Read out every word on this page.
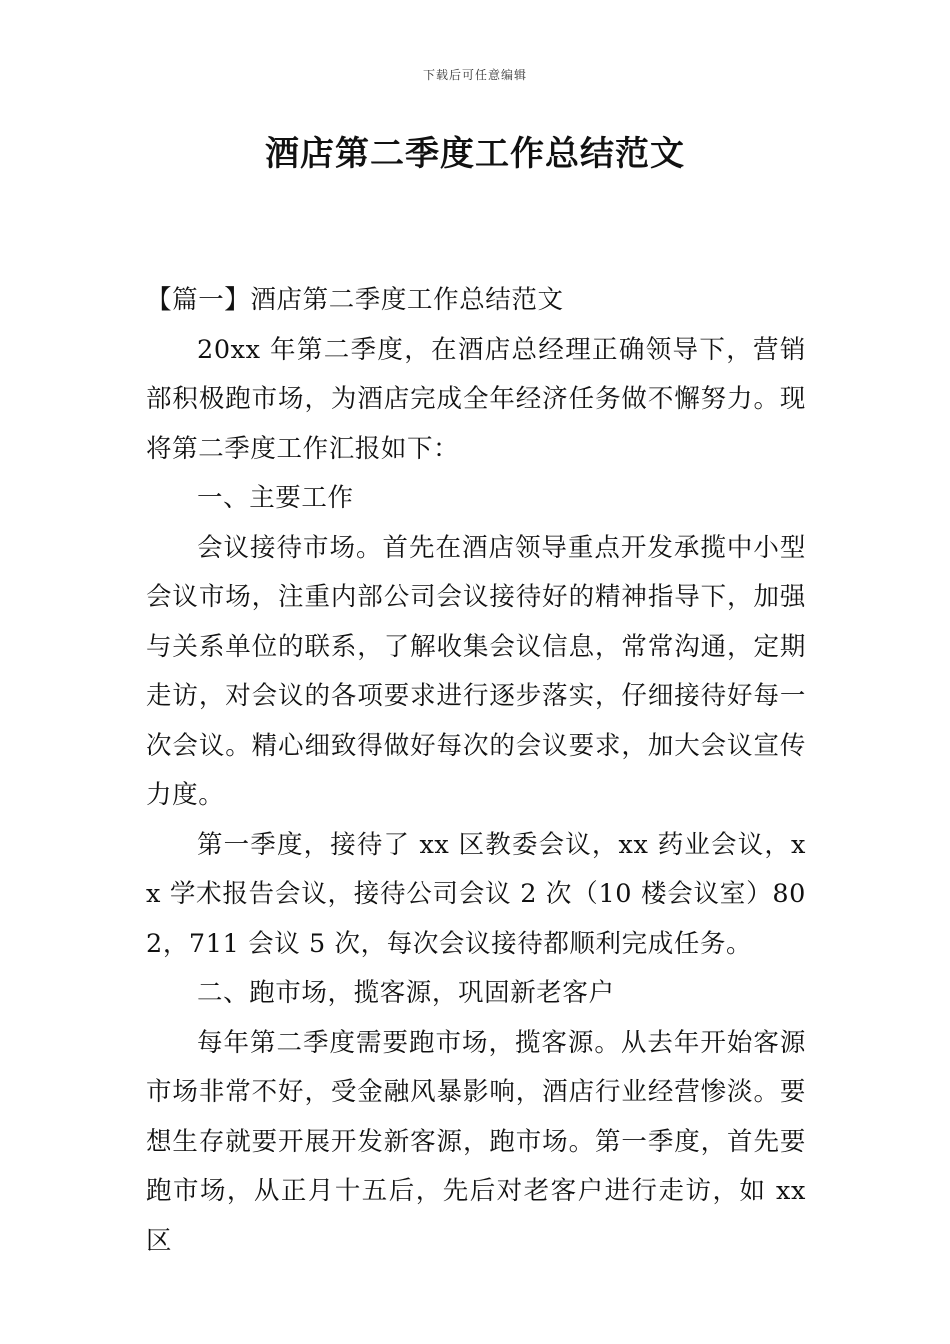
下载后可任意编辑
酒店第二季度工作总结范文

【篇一】酒店第二季度工作总结范文

20xx 年第二季度，在酒店总经理正确领导下，营销部积极跑市场，为酒店完成全年经济任务做不懈努力。现将第二季度工作汇报如下：

一、主要工作

会议接待市场。首先在酒店领导重点开发承揽中小型会议市场，注重内部公司会议接待好的精神指导下，加强与关系单位的联系，了解收集会议信息，常常沟通，定期走访，对会议的各项要求进行逐步落实，仔细接待好每一次会议。精心细致得做好每次的会议要求，加大会议宣传力度。

第一季度，接待了 xx 区教委会议，xx 药业会议，xx 学术报告会议，接待公司会议 2 次（10 楼会议室）802，711 会议 5 次，每次会议接待都顺利完成任务。

二、跑市场，揽客源，巩固新老客户

每年第二季度需要跑市场，揽客源。从去年开始客源市场非常不好，受金融风暴影响，酒店行业经营惨淡。要想生存就要开展开发新客源，跑市场。第一季度，首先要跑市场，从正月十五后，先后对老客户进行走访，如 xx 区
